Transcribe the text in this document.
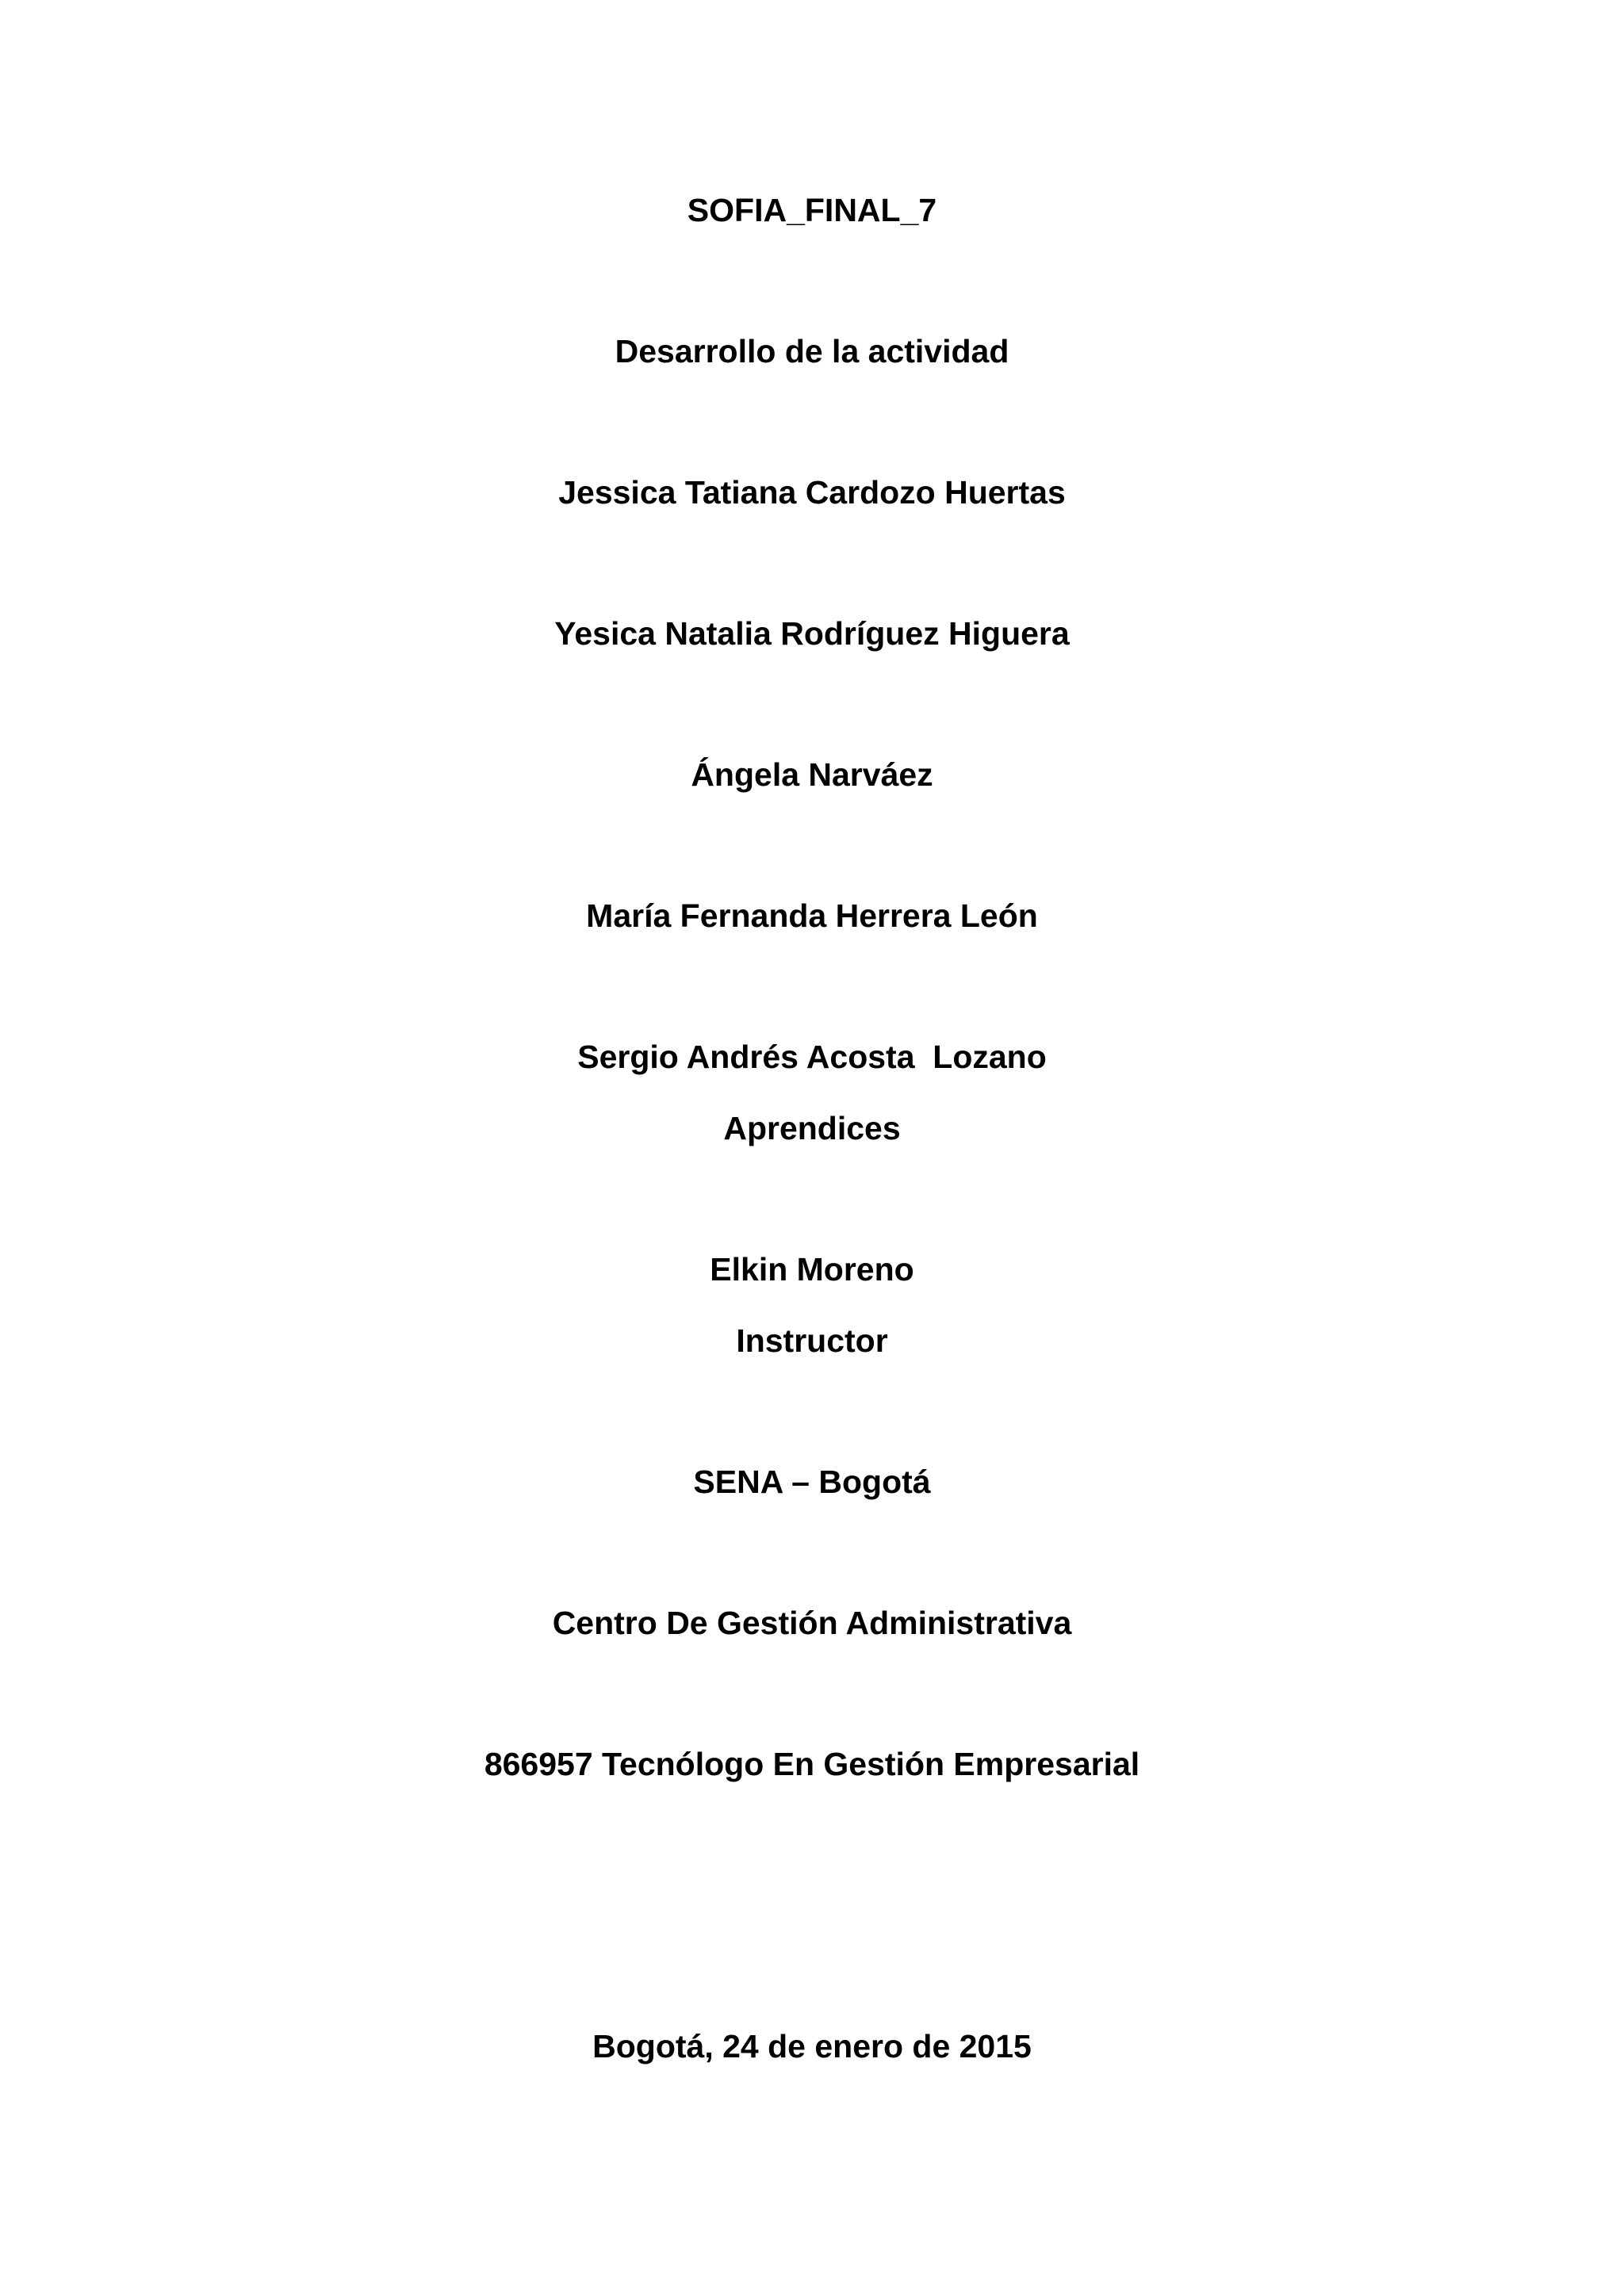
SOFIA_FINAL_7
Desarrollo de la actividad
Jessica Tatiana Cardozo Huertas
Yesica Natalia Rodríguez Higuera
Ángela Narváez
María Fernanda Herrera León
Sergio Andrés Acosta  Lozano
Aprendices
Elkin Moreno
Instructor
SENA – Bogotá
Centro De Gestión Administrativa
866957 Tecnólogo En Gestión Empresarial
Bogotá, 24 de enero de 2015
